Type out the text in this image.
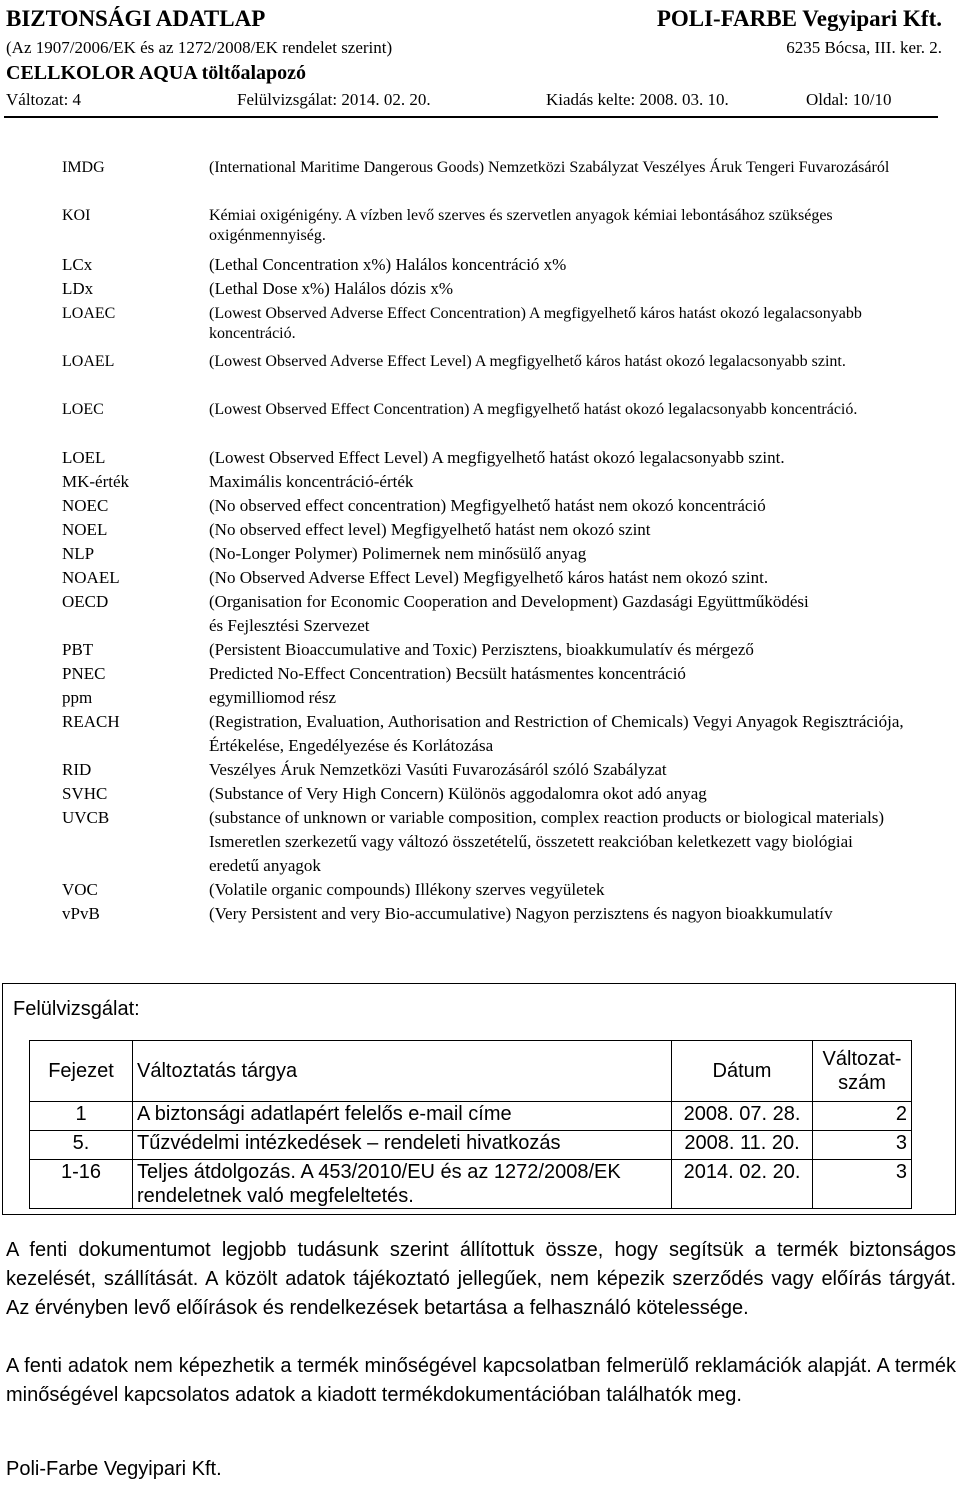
BIZTONSÁGI ADATLAP	POLI-FARBE Vegyipari Kft.
(Az 1907/2006/EK és az 1272/2008/EK rendelet szerint)	6235 Bócsa, III. ker. 2.
CELLKOLOR AQUA töltőalapozó
Változat: 4	Felülvizsgálat: 2014. 02. 20.	Kiadás kelte: 2008. 03. 10.	Oldal: 10/10
IMDG	(International Maritime Dangerous Goods) Nemzetközi Szabályzat Veszélyes Áruk Tengeri Fuvarozásáról
KOI	Kémiai oxigénigény. A vízben levő szerves és szervetlen anyagok kémiai lebontásához szükséges oxigénmennyiség.
LCx	(Lethal Concentration x%) Halálos koncentráció x%
LDx	(Lethal Dose x%) Halálos dózis x%
LOAEC	(Lowest Observed Adverse Effect Concentration) A megfigyelhető káros hatást okozó legalacsonyabb koncentráció.
LOAEL	(Lowest Observed Adverse Effect Level) A megfigyelhető káros hatást okozó legalacsonyabb szint.
LOEC	(Lowest Observed Effect Concentration) A megfigyelhető hatást okozó legalacsonyabb koncentráció.
LOEL	(Lowest Observed Effect Level) A megfigyelhető hatást okozó legalacsonyabb szint.
MK-érték	Maximális koncentráció-érték
NOEC	(No observed effect concentration) Megfigyelhető hatást nem okozó koncentráció
NOEL	(No observed effect level) Megfigyelhető hatást nem okozó szint
NLP	(No-Longer Polymer) Polimernek nem minősülő anyag
NOAEL	(No Observed Adverse Effect Level) Megfigyelhető káros hatást nem okozó szint.
OECD	(Organisation for Economic Cooperation and Development) Gazdasági Együttműködési és Fejlesztési Szervezet
PBT	(Persistent Bioaccumulative and Toxic) Perzisztens, bioakkumulatív és mérgező
PNEC	Predicted No-Effect Concentration) Becsült hatásmentes koncentráció
ppm	egymilliomod rész
REACH	(Registration, Evaluation, Authorisation and Restriction of Chemicals) Vegyi Anyagok Regisztrációja, Értékelése, Engedélyezése és Korlátozása
RID	Veszélyes Áruk Nemzetközi Vasúti Fuvarozásáról szóló Szabályzat
SVHC	(Substance of Very High Concern) Különös aggodalomra okot adó anyag
UVCB	(substance of unknown or variable composition, complex reaction products or biological materials) Ismeretlen szerkezetű vagy változó összetételű, összetett reakcióban keletkezett vagy biológiai eredetű anyagok
VOC	(Volatile organic compounds) Illékony szerves vegyületek
vPvB	(Very Persistent and very Bio-accumulative) Nagyon perzisztens és nagyon bioakkumulatív
Felülvizsgálat:
Fejezet	Változtatás tárgya	Dátum	Változat-szám
1	A biztonsági adatlapért felelős e-mail címe	2008. 07. 28.	2
5.	Tűzvédelmi intézkedések – rendeleti hivatkozás	2008. 11. 20.	3
1-16	Teljes átdolgozás. A 453/2010/EU és az 1272/2008/EK rendeletnek való megfeleltetés.	2014. 02. 20.	3
A fenti dokumentumot legjobb tudásunk szerint állítottuk össze, hogy segítsük a termék biztonságos kezelését, szállítását. A közölt adatok tájékoztató jellegűek, nem képezik szerződés vagy előírás tárgyát. Az érvényben levő előírások és rendelkezések betartása a felhasználó kötelessége.
A fenti adatok nem képezhetik a termék minőségével kapcsolatban felmerülő reklamációk alapját. A termék minőségével kapcsolatos adatok a kiadott termékdokumentációban találhatók meg.
Poli-Farbe Vegyipari Kft.
